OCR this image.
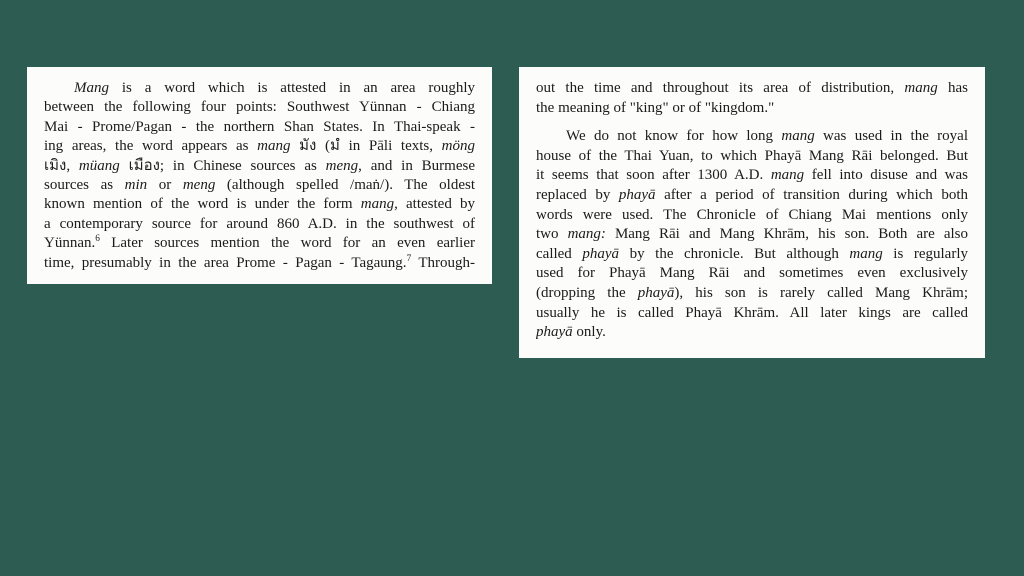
Mang is a word which is attested in an area roughly
between the following four points: Southwest Yünnan - Chiang
Mai - Prome/Pagan - the northern Shan States. In Thai-speak -
ing areas, the word appears as mang มัง (มํ in Pāli texts, möng
เมิง, müang เมือง; in Chinese sources as meng, and in Burmese
sources as min or meng (although spelled /maṅ/). The oldest
known mention of the word is under the form mang, attested by
a contemporary source for around 860 A.D. in the southwest of
Yünnan.$^6$ Later sources mention the word for an even earlier
time, presumably in the area Prome - Pagan - Tagaung.$^7$ Through-
out the time and throughout its area of distribution, mang has
the meaning of "king" or of "kingdom."
We do not know for how long mang was used in the royal
house of the Thai Yuan, to which Phayā Mang Rāi belonged. But
it seems that soon after 1300 A.D. mang fell into disuse and was
replaced by phayā after a period of transition during which both
words were used. The Chronicle of Chiang Mai mentions only
two mang: Mang Rāi and Mang Khrām, his son. Both are also
called phayā by the chronicle. But although mang is regularly
used for Phayā Mang Rāi and sometimes even exclusively
(dropping the phayā), his son is rarely called Mang Khrām;
usually he is called Phayā Khrām. All later kings are called
phayā only.
